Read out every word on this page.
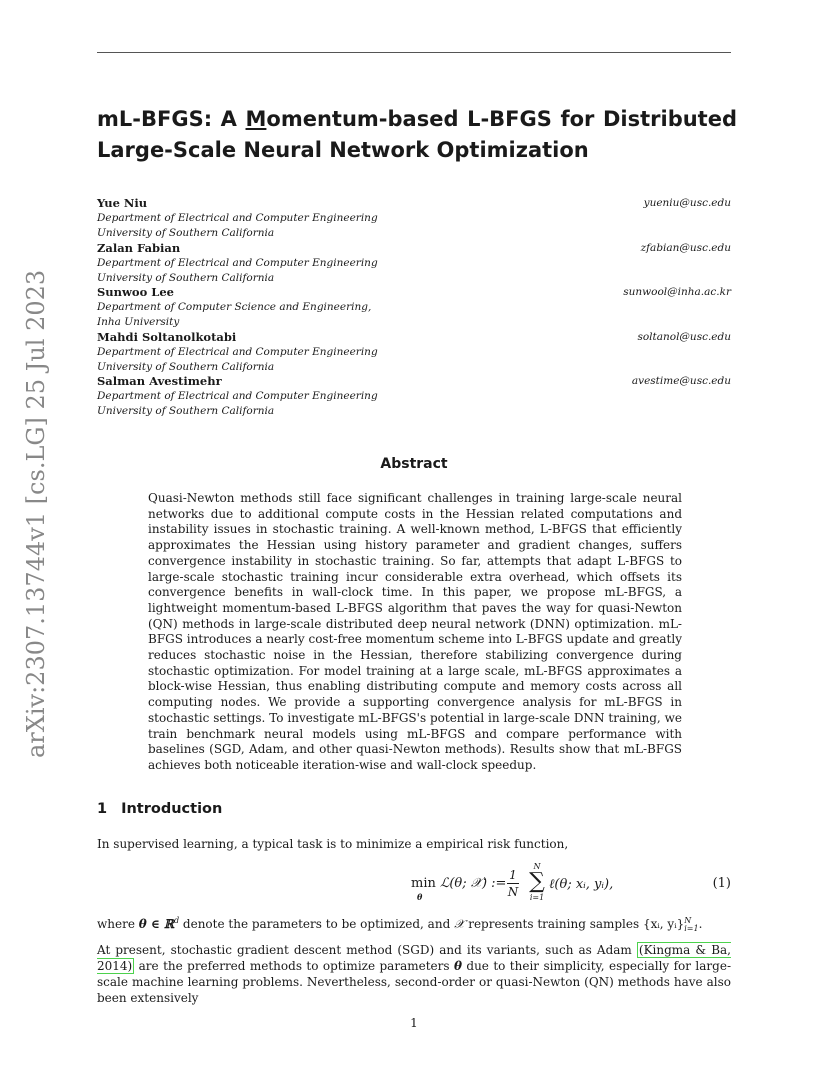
arXiv:2307.13744v1 [cs.LG] 25 Jul 2023

mL-BFGS: A Momentum-based L-BFGS for Distributed
Large-Scale Neural Network Optimization
Yue Niu	yueniu@usc.edu
Department of Electrical and Computer Engineering
University of Southern California
Zalan Fabian	zfabian@usc.edu
Department of Electrical and Computer Engineering
University of Southern California
Sunwoo Lee	sunwool@inha.ac.kr
Department of Computer Science and Engineering,
Inha University
Mahdi Soltanolkotabi	soltanol@usc.edu
Department of Electrical and Computer Engineering
University of Southern California
Salman Avestimehr	avestime@usc.edu
Department of Electrical and Computer Engineering
University of Southern California
Abstract

Quasi-Newton methods still face significant challenges in training large-scale neural networks due to additional compute costs in the Hessian related computations and instability issues in stochastic training. A well-known method, L-BFGS that efficiently approximates the Hessian using history parameter and gradient changes, suffers convergence instability in stochastic training. So far, attempts that adapt L-BFGS to large-scale stochastic training incur considerable extra overhead, which offsets its convergence benefits in wall-clock time. In this paper, we propose mL-BFGS, a lightweight momentum-based L-BFGS algorithm that paves the way for quasi-Newton (QN) methods in large-scale distributed deep neural network (DNN) optimization. mL-BFGS introduces a nearly cost-free momentum scheme into L-BFGS update and greatly reduces stochastic noise in the Hessian, therefore stabilizing convergence during stochastic optimization. For model training at a large scale, mL-BFGS approximates a block-wise Hessian, thus enabling distributing compute and memory costs across all computing nodes. We provide a supporting convergence analysis for mL-BFGS in stochastic settings. To investigate mL-BFGS's potential in large-scale DNN training, we train benchmark neural models using mL-BFGS and compare performance with baselines (SGD, Adam, and other quasi-Newton methods). Results show that mL-BFGS achieves both noticeable iteration-wise and wall-clock speedup.

1 Introduction

In supervised learning, a typical task is to minimize a empirical risk function,

min
θ
ℒ(θ; 𝒳) :=
1
N
N
∑
i=1
ℓ(θ; xᵢ, yᵢ),	(1)

where θ ∈ ℝ$^d$ denote the parameters to be optimized, and 𝒳 represents training samples {xᵢ, yᵢ}$^N_{i=1}$.

At present, stochastic gradient descent method (SGD) and its variants, such as Adam (Kingma & Ba, 2014) are the preferred methods to optimize parameters θ due to their simplicity, especially for large-scale machine learning problems. Nevertheless, second-order or quasi-Newton (QN) methods have also been extensively

1
